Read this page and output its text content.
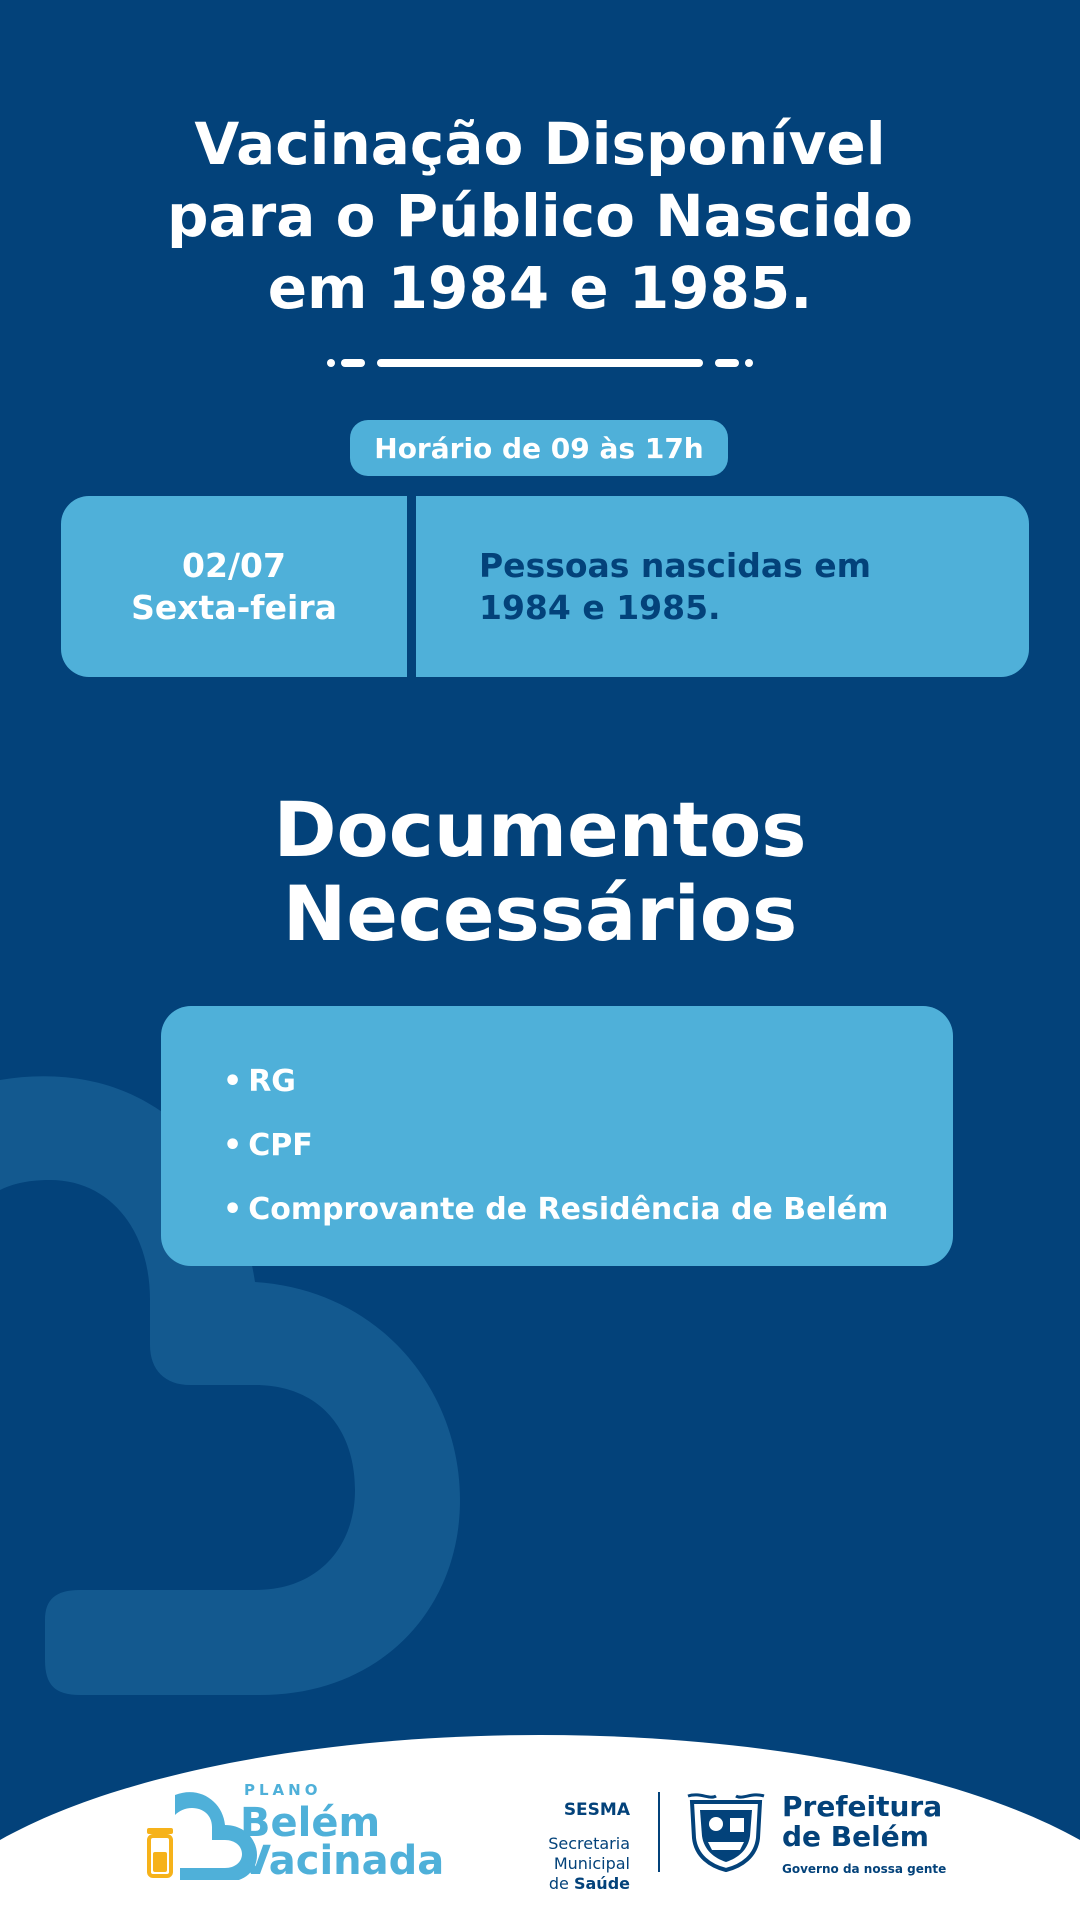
Vacinação Disponível
para o Público Nascido
em 1984 e 1985.
Horário de 09 às 17h
02/07
Sexta-feira
Pessoas nascidas em
1984 e 1985.
Documentos
Necessários
• RG
• CPF
• Comprovante de Residência de Belém
PLANO
Belém
Vacinada
SESMA
Secretaria Municipal
de Saúde
Prefeitura
de Belém
Governo da nossa gente
